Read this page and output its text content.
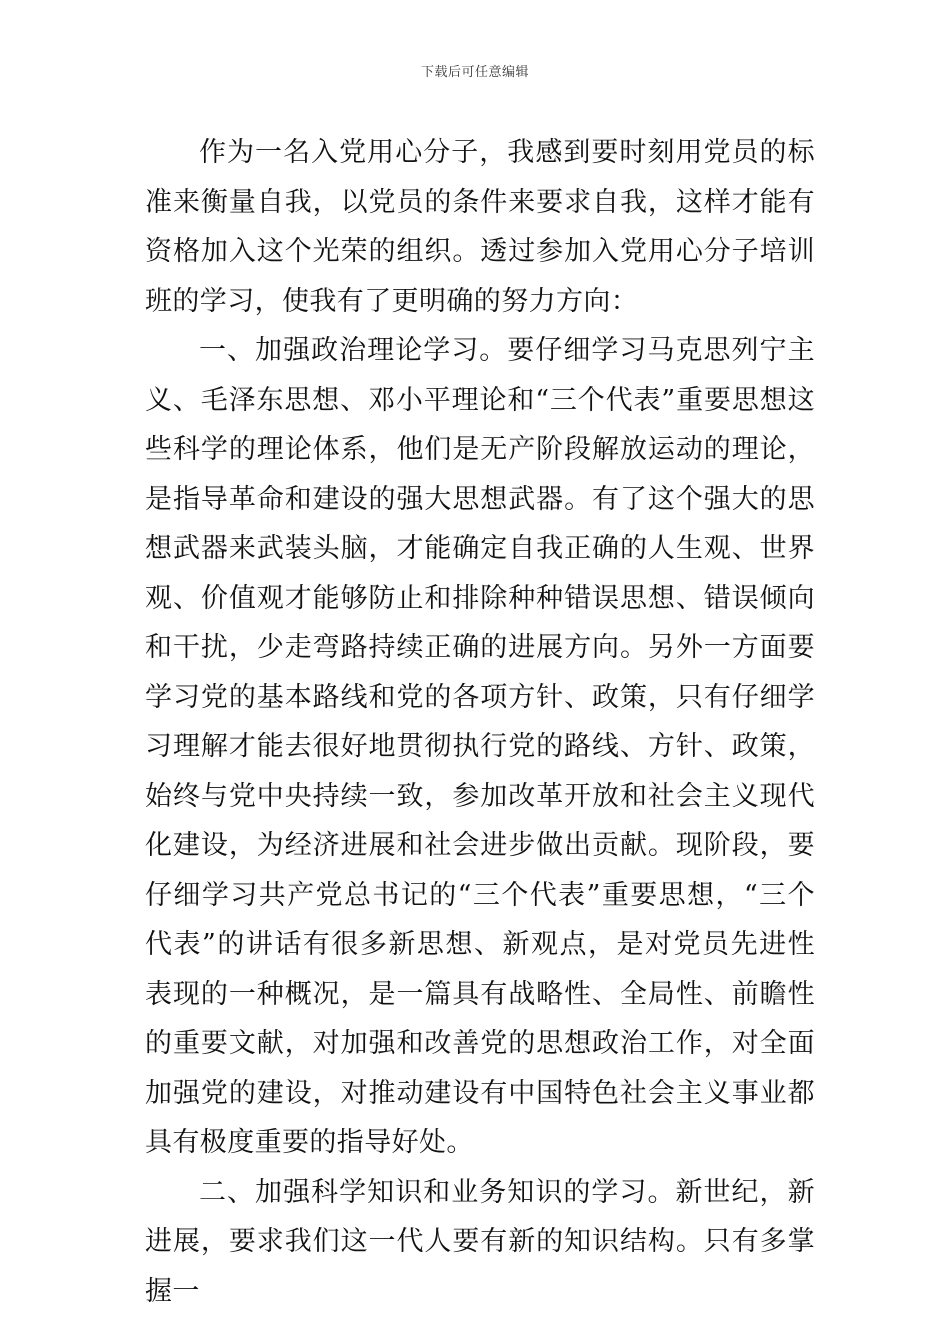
下载后可任意编辑

作为一名入党用心分子，我感到要时刻用党员的标准来衡量自我，以党员的条件来要求自我，这样才能有资格加入这个光荣的组织。透过参加入党用心分子培训班的学习，使我有了更明确的努力方向：

一、加强政治理论学习。要仔细学习马克思列宁主义、毛泽东思想、邓小平理论和“三个代表”重要思想这些科学的理论体系，他们是无产阶段解放运动的理论，是指导革命和建设的强大思想武器。有了这个强大的思想武器来武装头脑，才能确定自我正确的人生观、世界观、价值观才能够防止和排除种种错误思想、错误倾向和干扰，少走弯路持续正确的进展方向。另外一方面要学习党的基本路线和党的各项方针、政策，只有仔细学习理解才能去很好地贯彻执行党的路线、方针、政策，始终与党中央持续一致，参加改革开放和社会主义现代化建设，为经济进展和社会进步做出贡献。现阶段，要仔细学习共产党总书记的“三个代表”重要思想，“三个代表”的讲话有很多新思想、新观点，是对党员先进性表现的一种概况，是一篇具有战略性、全局性、前瞻性的重要文献，对加强和改善党的思想政治工作，对全面加强党的建设，对推动建设有中国特色社会主义事业都具有极度重要的指导好处。

二、加强科学知识和业务知识的学习。新世纪，新进展，要求我们这一代人要有新的知识结构。只有多掌握一
